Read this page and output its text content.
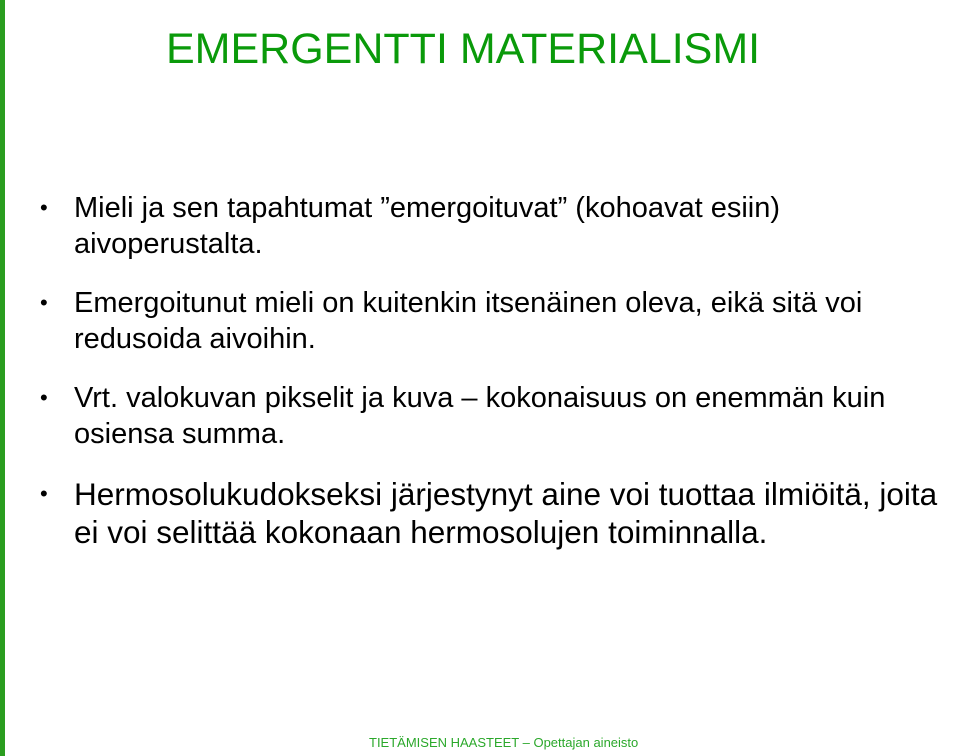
EMERGENTTI MATERIALISMI
• Mieli ja sen tapahtumat ”emergoituvat” (kohoavat esiin) aivoperustalta.
• Emergoitunut mieli on kuitenkin itsenäinen oleva, eikä sitä voi redusoida aivoihin.
• Vrt. valokuvan pikselit ja kuva – kokonaisuus on enemmän kuin osiensa summa.
• Hermosolukudokseksi järjestynyt aine voi tuottaa ilmiöitä, joita ei voi selittää kokonaan hermosolujen toiminnalla.
TIETÄMISEN HAASTEET – Opettajan aineisto
